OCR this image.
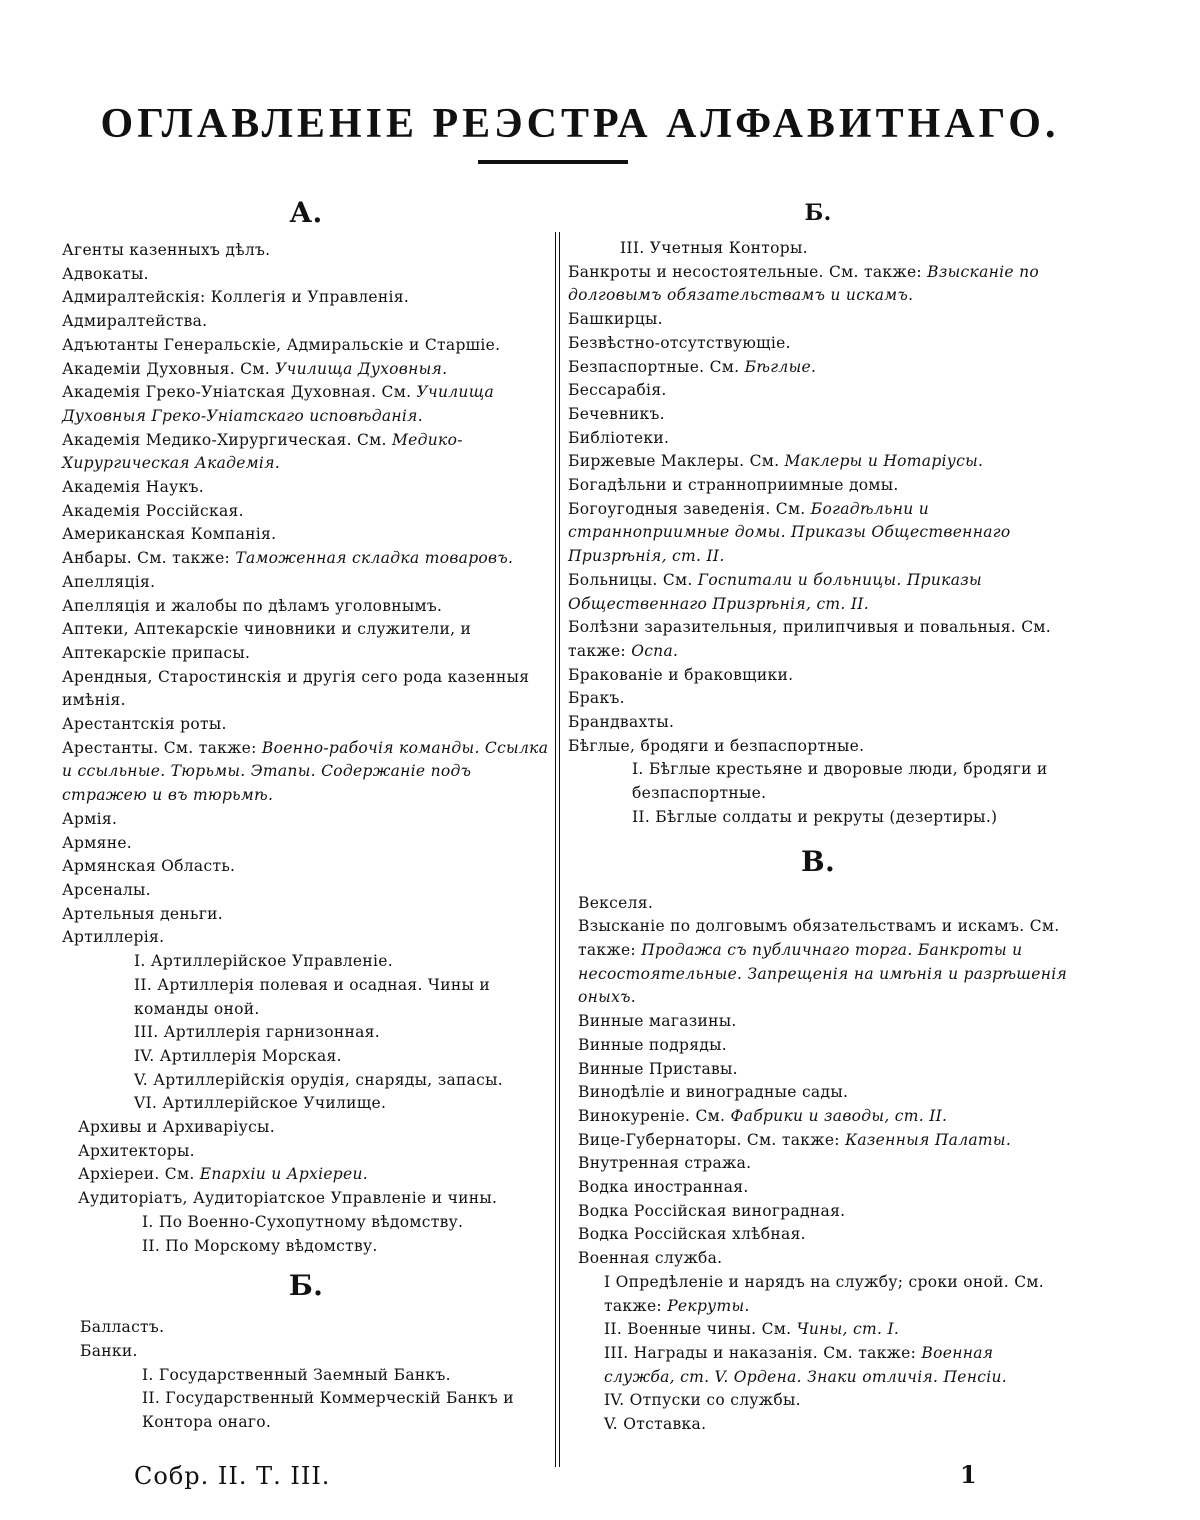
ОГЛАВЛЕНІЕ РЕЭСТРА АЛФАВИТНАГО.
А.
Агенты казенныхъ дѣлъ.
Адвокаты.
Адмиралтейскія: Коллегія и Управленія.
Адмиралтейства.
Адъютанты Генеральскіе, Адмиральскіе и Старшіе.
Академіи Духовныя. См. Училища Духовныя.
Академія Греко-Уніатская Духовная. См. Училища Духовныя Греко-Уніатскаго исповѣданія.
Академія Медико-Хирургическая. См. Медико-Хирургическая Академія.
Академія Наукъ.
Академія Россійская.
Американская Компанія.
Анбары. См. также: Таможенная складка товаровъ.
Апелляція.
Апелляція и жалобы по дѣламъ уголовнымъ.
Аптеки, Аптекарскіе чиновники и служители, и Аптекарскіе припасы.
Арендныя, Старостинскія и другія сего рода казенныя имѣнія.
Арестантскія роты.
Арестанты. См. также: Военно-рабочія команды. Ссылка и ссыльные. Тюрьмы. Этапы. Содержаніе подъ стражею и въ тюрьмѣ.
Армія.
Армяне.
Армянская Область.
Арсеналы.
Артельныя деньги.
Артиллерія.
I. Артиллерійское Управленіе.
II. Артиллерія полевая и осадная. Чины и команды оной.
III. Артиллерія гарнизонная.
IV. Артиллерія Морская.
V. Артиллерійскія орудія, снаряды, запасы.
VI. Артиллерійское Училище.
Архивы и Архиваріусы.
Архитекторы.
Архіереи. См. Епархіи и Архіереи.
Аудиторіатъ, Аудиторіатское Управленіе и чины.
I. По Военно-Сухопутному вѣдомству.
II. По Морскому вѣдомству.
Б.
Балластъ.
Банки.
I. Государственный Заемный Банкъ.
II. Государственный Коммерческій Банкъ и Контора онаго.
Б.
III. Учетныя Конторы.
Банкроты и несостоятельные. См. также: Взысканіе по долговымъ обязательствамъ и искамъ.
Башкирцы.
Безвѣстно-отсутствующіе.
Безпаспортные. См. Бѣглые.
Бессарабія.
Бечевникъ.
Библіотеки.
Биржевые Маклеры. См. Маклеры и Нотаріусы.
Богадѣльни и странноприимные домы.
Богоугодныя заведенія. См. Богадѣльни и странноприимные домы. Приказы Общественнаго Призрѣнія, ст. II.
Больницы. См. Госпитали и больницы. Приказы Общественнаго Призрѣнія, ст. II.
Болѣзни заразительныя, прилипчивыя и повальныя. См. также: Оспа.
Бракованіе и браковщики.
Бракъ.
Брандвахты.
Бѣглые, бродяги и безпаспортные.
I. Бѣглые крестьяне и дворовые люди, бродяги и безпаспортные.
II. Бѣглые солдаты и рекруты (дезертиры.)
В.
Векселя.
Взысканіе по долговымъ обязательствамъ и искамъ. См. также: Продажа съ публичнаго торга. Банкроты и несостоятельные. Запрещенія на имѣнія и разрѣшенія оныхъ.
Винные магазины.
Винные подряды.
Винные Приставы.
Винодѣліе и виноградные сады.
Винокуреніе. См. Фабрики и заводы, ст. II.
Вице-Губернаторы. См. также: Казенныя Палаты.
Внутренная стража.
Водка иностранная.
Водка Россійская виноградная.
Водка Россійская хлѣбная.
Военная служба.
I Опредѣленіе и нарядъ на службу; сроки оной. См. также: Рекруты.
II. Военные чины. См. Чины, ст. I.
III. Награды и наказанія. См. также: Военная служба, ст. V. Ордена. Знаки отличія. Пенсіи.
IV. Отпуски со службы.
V. Отставка.
Собр. II. Т. III.	1
